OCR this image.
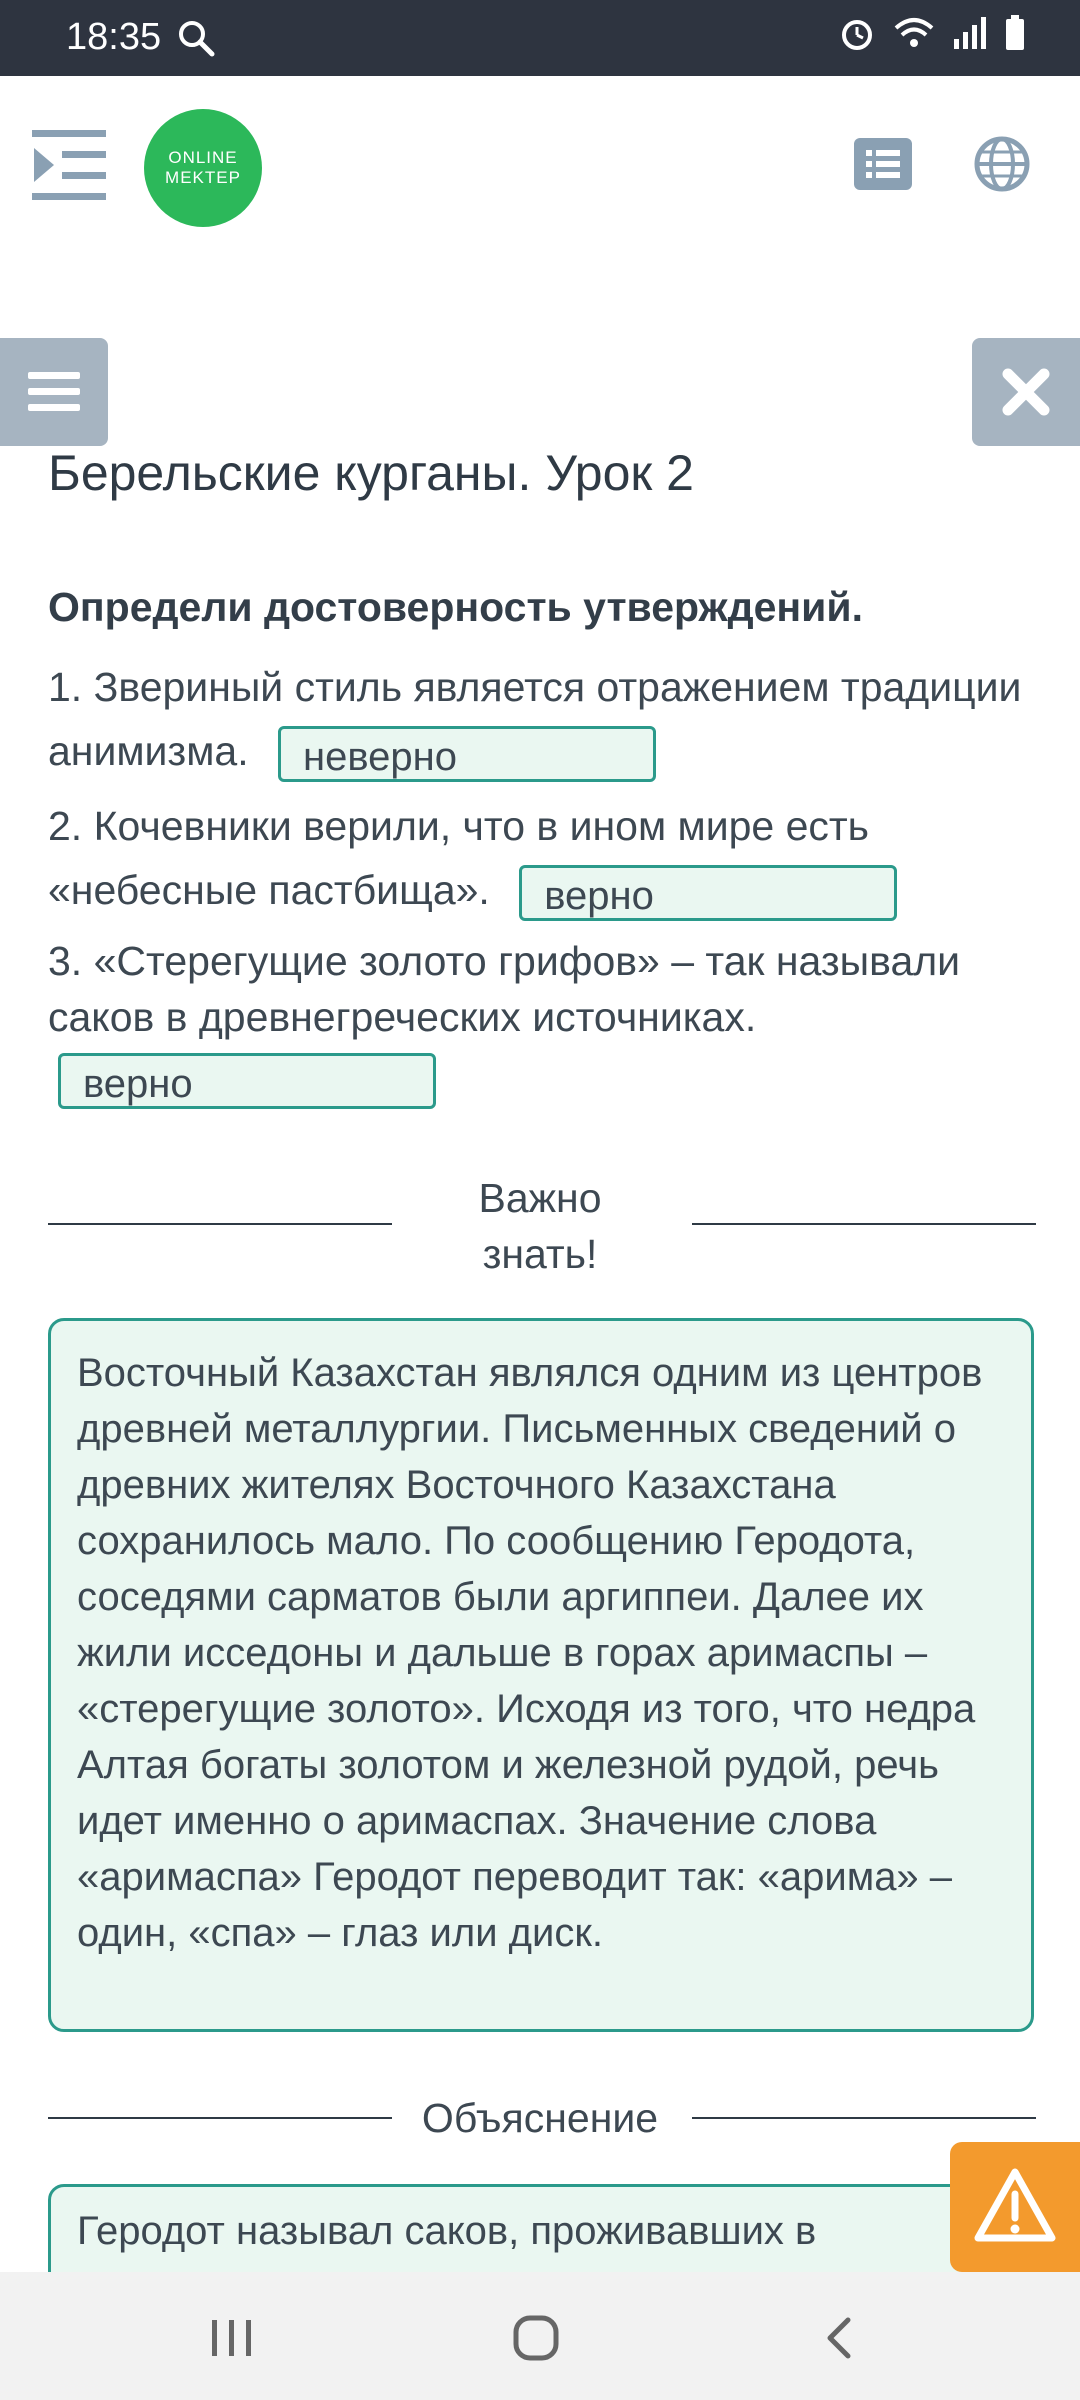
18:35
ONLINE
MEKTEP
Берельские курганы. Урок 2
Определи достоверность утверждений.
1. Звериный стиль является отражением традиции анимизма. неверно
2. Кочевники верили, что в ином мире есть «небесные пастбища». верно
3. «Стерегущие золото грифов» – так называли саков в древнегреческих источниках.
верно
Важно
знать!
Восточный Казахстан являлся одним из центров древней металлургии. Письменных сведений о древних жителях Восточного Казахстана сохранилось мало. По сообщению Геродота, соседями сарматов были аргиппеи. Далее их жили исседоны и дальше в горах аримаспы – «стерегущие золото». Исходя из того, что недра Алтая богаты золотом и железной рудой, речь идет именно о аримаспах. Значение слова «аримаспа» Геродот переводит так: «арима» – один, «спа» – глаз или диск.
Объяснение
Геродот называл саков, проживавших в
